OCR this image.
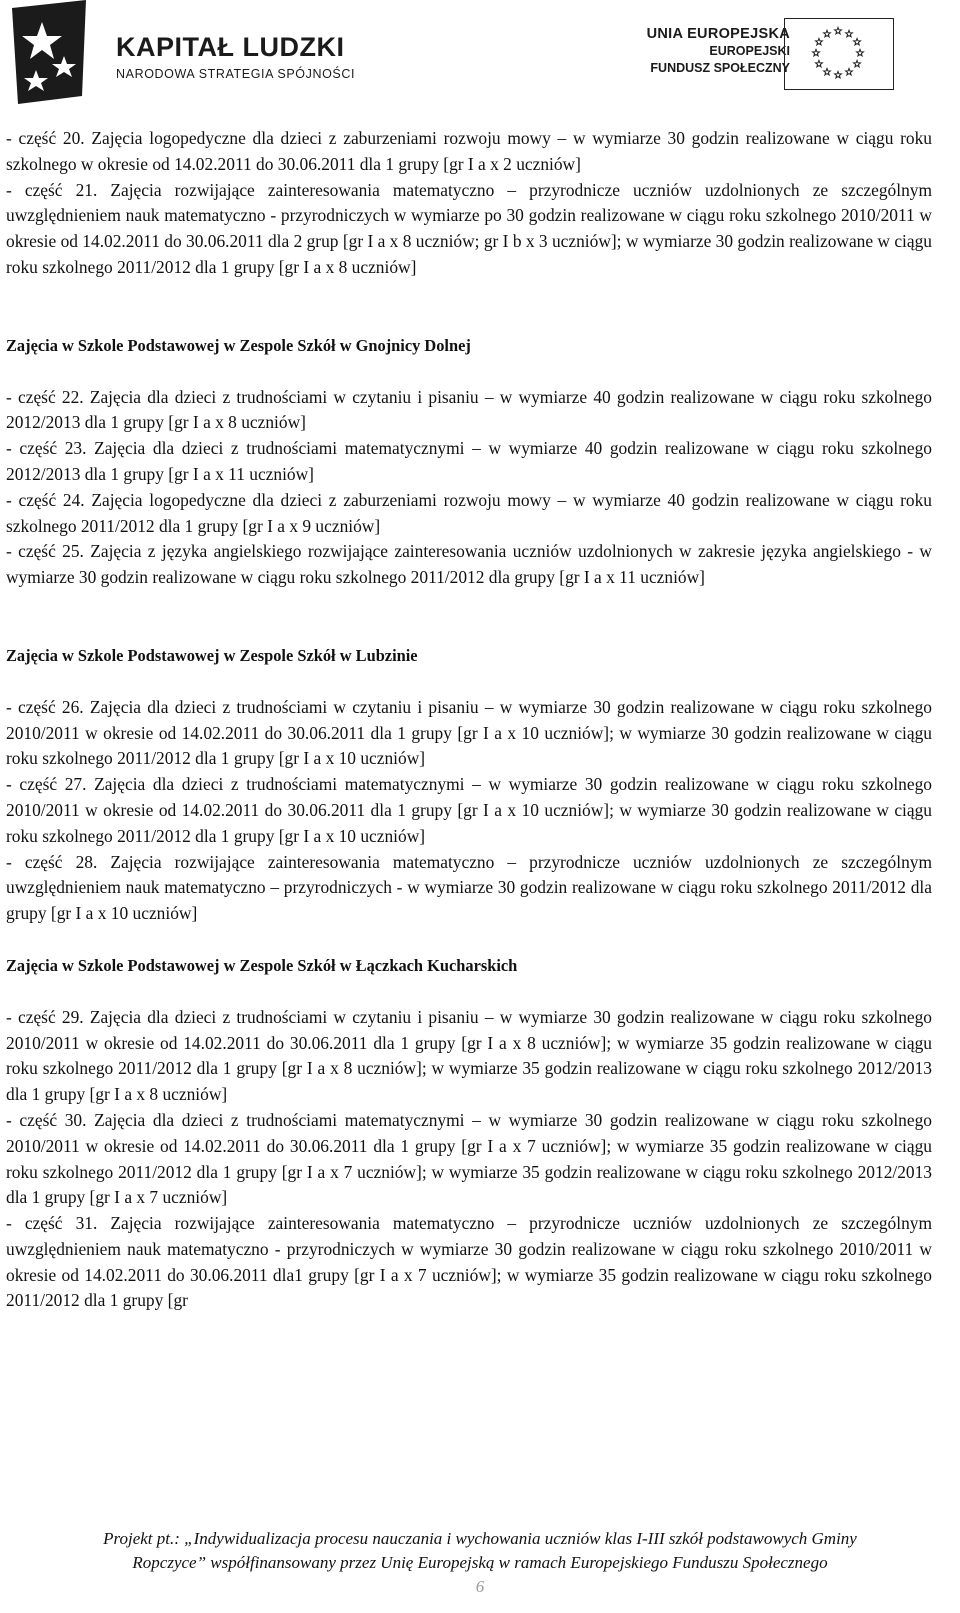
KAPITAŁ LUDZKI
NARODOWA STRATEGIA SPÓJNOŚCI
UNIA EUROPEJSKA
EUROPEJSKI
FUNDUSZ SPOŁECZNY

- część 20. Zajęcia logopedyczne dla dzieci z zaburzeniami rozwoju mowy – w wymiarze 30 godzin realizowane w ciągu roku szkolnego w okresie od 14.02.2011 do 30.06.2011 dla 1 grupy [gr I a x 2 uczniów]

- część 21. Zajęcia rozwijające zainteresowania matematyczno – przyrodnicze uczniów uzdolnionych ze szczególnym uwzględnieniem nauk matematyczno - przyrodniczych w wymiarze po 30 godzin realizowane w ciągu roku szkolnego 2010/2011 w okresie od 14.02.2011 do 30.06.2011 dla 2 grup [gr I a x 8 uczniów; gr I b x 3 uczniów]; w wymiarze 30 godzin realizowane w ciągu roku szkolnego 2011/2012 dla 1 grupy [gr I a x 8 uczniów]

Zajęcia w Szkole Podstawowej w Zespole Szkół w Gnojnicy Dolnej

- część 22. Zajęcia dla dzieci z trudnościami w czytaniu i pisaniu – w wymiarze 40 godzin realizowane w ciągu roku szkolnego 2012/2013 dla 1 grupy [gr I a x 8 uczniów]

- część 23. Zajęcia dla dzieci z trudnościami matematycznymi – w wymiarze 40 godzin realizowane w ciągu roku szkolnego 2012/2013 dla 1 grupy [gr I a x 11 uczniów]

- część 24. Zajęcia logopedyczne dla dzieci z zaburzeniami rozwoju mowy – w wymiarze 40 godzin realizowane w ciągu roku szkolnego 2011/2012 dla 1 grupy [gr I a x 9 uczniów]

- część 25. Zajęcia z języka angielskiego rozwijające zainteresowania uczniów uzdolnionych w zakresie języka angielskiego - w wymiarze 30 godzin realizowane w ciągu roku szkolnego 2011/2012 dla grupy [gr I a x 11 uczniów]

Zajęcia w Szkole Podstawowej w Zespole Szkół w Lubzinie

- część 26. Zajęcia dla dzieci z trudnościami w czytaniu i pisaniu – w wymiarze 30 godzin realizowane w ciągu roku szkolnego 2010/2011 w okresie od 14.02.2011 do 30.06.2011 dla 1 grupy [gr I a x 10 uczniów]; w wymiarze 30 godzin realizowane w ciągu roku szkolnego 2011/2012 dla 1 grupy [gr I a x 10 uczniów]

- część 27. Zajęcia dla dzieci z trudnościami matematycznymi – w wymiarze 30 godzin realizowane w ciągu roku szkolnego 2010/2011 w okresie od 14.02.2011 do 30.06.2011 dla 1 grupy [gr I a x 10 uczniów]; w wymiarze 30 godzin realizowane w ciągu roku szkolnego 2011/2012 dla 1 grupy [gr I a x 10 uczniów]

- część 28. Zajęcia rozwijające zainteresowania matematyczno – przyrodnicze uczniów uzdolnionych ze szczególnym uwzględnieniem nauk matematyczno – przyrodniczych - w wymiarze 30 godzin realizowane w ciągu roku szkolnego 2011/2012 dla grupy [gr I a x 10 uczniów]

Zajęcia w Szkole Podstawowej w Zespole Szkół w Łączkach Kucharskich

- część 29. Zajęcia dla dzieci z trudnościami w czytaniu i pisaniu – w wymiarze 30 godzin realizowane w ciągu roku szkolnego 2010/2011 w okresie od 14.02.2011 do 30.06.2011 dla 1 grupy [gr I a x 8 uczniów]; w wymiarze 35 godzin realizowane w ciągu roku szkolnego 2011/2012 dla 1 grupy [gr I a x 8 uczniów]; w wymiarze 35 godzin realizowane w ciągu roku szkolnego 2012/2013 dla 1 grupy [gr I a x 8 uczniów]

- część 30. Zajęcia dla dzieci z trudnościami matematycznymi – w wymiarze 30 godzin realizowane w ciągu roku szkolnego 2010/2011 w okresie od 14.02.2011 do 30.06.2011 dla 1 grupy [gr I a x 7 uczniów]; w wymiarze 35 godzin realizowane w ciągu roku szkolnego 2011/2012 dla 1 grupy [gr I a x 7 uczniów]; w wymiarze 35 godzin realizowane w ciągu roku szkolnego 2012/2013 dla 1 grupy [gr I a x 7 uczniów]

- część 31. Zajęcia rozwijające zainteresowania matematyczno – przyrodnicze uczniów uzdolnionych ze szczególnym uwzględnieniem nauk matematyczno - przyrodniczych w wymiarze 30 godzin realizowane w ciągu roku szkolnego 2010/2011 w okresie od 14.02.2011 do 30.06.2011 dla1 grupy [gr I a x 7 uczniów]; w wymiarze 35 godzin realizowane w ciągu roku szkolnego 2011/2012 dla 1 grupy [gr

Projekt pt.: „Indywidualizacja procesu nauczania i wychowania uczniów klas I-III szkół podstawowych Gminy
Ropczyce” współfinansowany przez Unię Europejską w ramach Europejskiego Funduszu Społecznego
6
